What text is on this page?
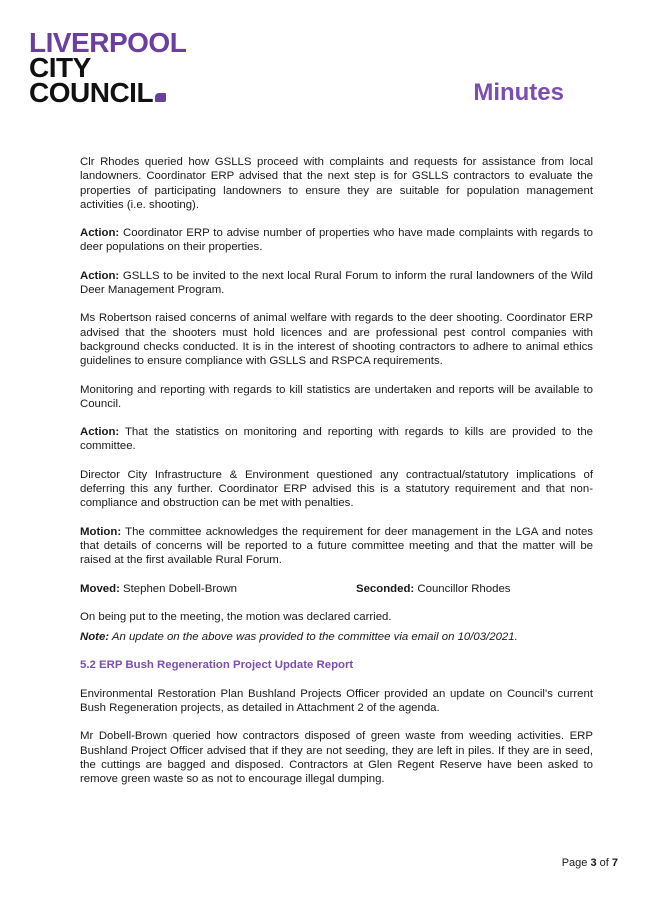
LIVERPOOL
CITY
COUNCIL	Minutes

Clr Rhodes queried how GSLLS proceed with complaints and requests for assistance from local landowners. Coordinator ERP advised that the next step is for GSLLS contractors to evaluate the properties of participating landowners to ensure they are suitable for population management activities (i.e. shooting).

Action: Coordinator ERP to advise number of properties who have made complaints with regards to deer populations on their properties.

Action: GSLLS to be invited to the next local Rural Forum to inform the rural landowners of the Wild Deer Management Program.

Ms Robertson raised concerns of animal welfare with regards to the deer shooting. Coordinator ERP advised that the shooters must hold licences and are professional pest control companies with background checks conducted. It is in the interest of shooting contractors to adhere to animal ethics guidelines to ensure compliance with GSLLS and RSPCA requirements.

Monitoring and reporting with regards to kill statistics are undertaken and reports will be available to Council.

Action: That the statistics on monitoring and reporting with regards to kills are provided to the committee.

Director City Infrastructure & Environment questioned any contractual/statutory implications of deferring this any further. Coordinator ERP advised this is a statutory requirement and that non-compliance and obstruction can be met with penalties.

Motion: The committee acknowledges the requirement for deer management in the LGA and notes that details of concerns will be reported to a future committee meeting and that the matter will be raised at the first available Rural Forum.

Moved: Stephen Dobell-Brown	Seconded: Councillor Rhodes

On being put to the meeting, the motion was declared carried.

Note: An update on the above was provided to the committee via email on 10/03/2021.

5.2 ERP Bush Regeneration Project Update Report

Environmental Restoration Plan Bushland Projects Officer provided an update on Council's current Bush Regeneration projects, as detailed in Attachment 2 of the agenda.

Mr Dobell-Brown queried how contractors disposed of green waste from weeding activities. ERP Bushland Project Officer advised that if they are not seeding, they are left in piles. If they are in seed, the cuttings are bagged and disposed. Contractors at Glen Regent Reserve have been asked to remove green waste so as not to encourage illegal dumping.

Page 3 of 7
